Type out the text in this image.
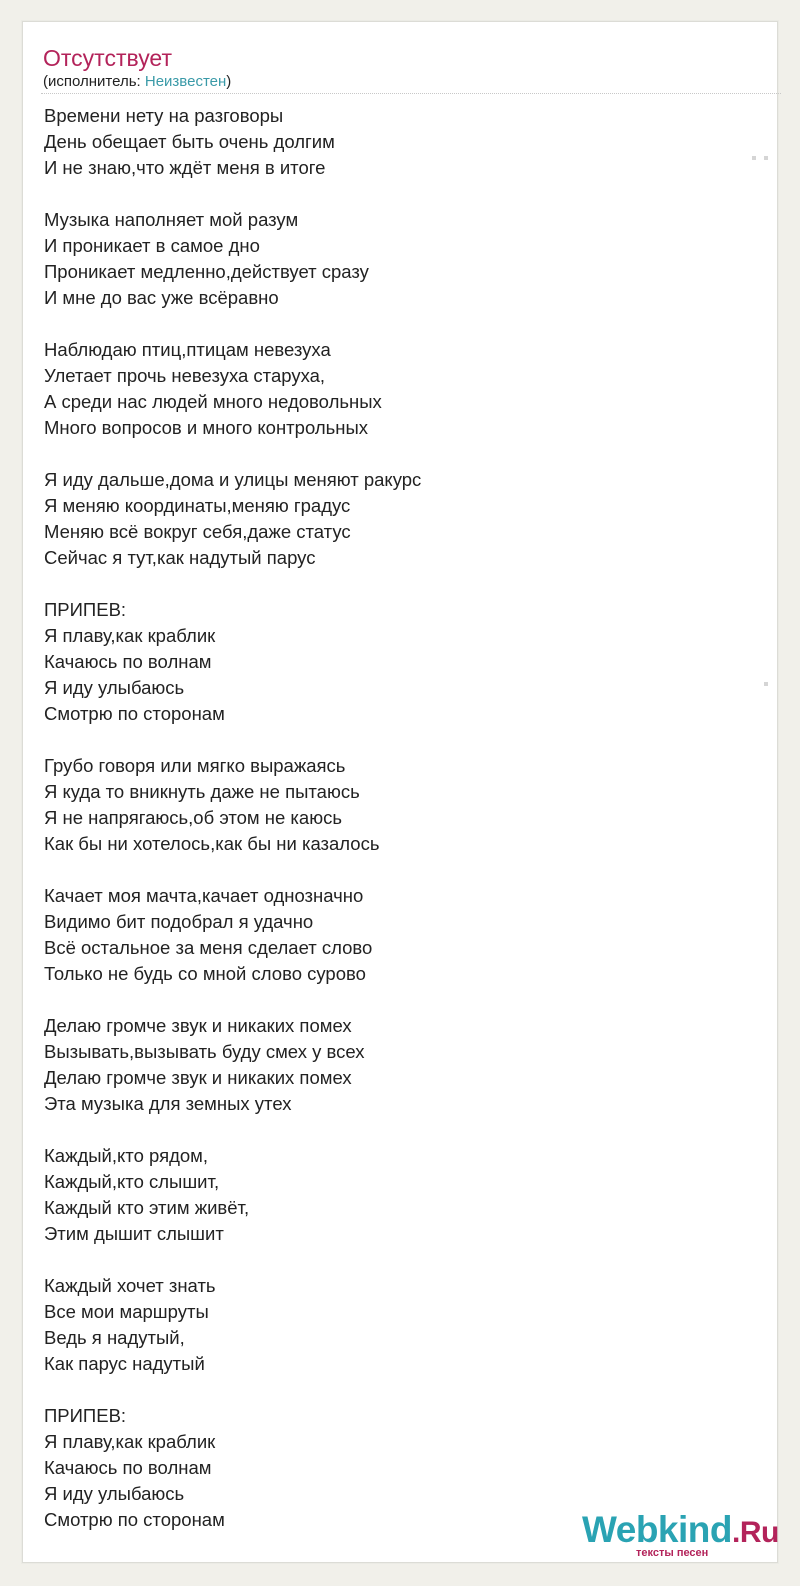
Отсутствует
(исполнитель: Неизвестен)
Времени нету на разговоры
День обещает быть очень долгим
И не знаю,что ждёт меня в итоге
Музыка наполняет мой разум
И проникает в самое дно
Проникает медленно,действует сразу
И мне до вас уже всёравно
Наблюдаю птиц,птицам невезуха
Улетает прочь невезуха старуха,
А среди нас людей много недовольных
Много вопросов и много контрольных
Я иду дальше,дома и улицы меняют ракурс
Я меняю координаты,меняю градус
Меняю всё вокруг себя,даже статус
Сейчас я тут,как надутый парус
ПРИПЕВ:
Я плаву,как краблик
Качаюсь по волнам
Я иду улыбаюсь
Смотрю по сторонам
Грубо говоря или мягко выражаясь
Я куда то вникнуть даже не пытаюсь
Я не напрягаюсь,об этом не каюсь
Как бы ни хотелось,как бы ни казалось
Качает моя мачта,качает однозначно
Видимо бит подобрал я удачно
Всё остальное за меня сделает слово
Только не будь со мной слово сурово
Делаю громче звук и никаких помех
Вызывать,вызывать буду смех у всех
Делаю громче звук и никаких помех
Эта музыка для земных утех
Каждый,кто рядом,
Каждый,кто слышит,
Каждый кто этим живёт,
Этим дышит слышит
Каждый хочет знать
Все мои маршруты
Ведь я надутый,
Как парус надутый
ПРИПЕВ:
Я плаву,как краблик
Качаюсь по волнам
Я иду улыбаюсь
Смотрю по сторонам	Webkind.Ru
тексты песен
